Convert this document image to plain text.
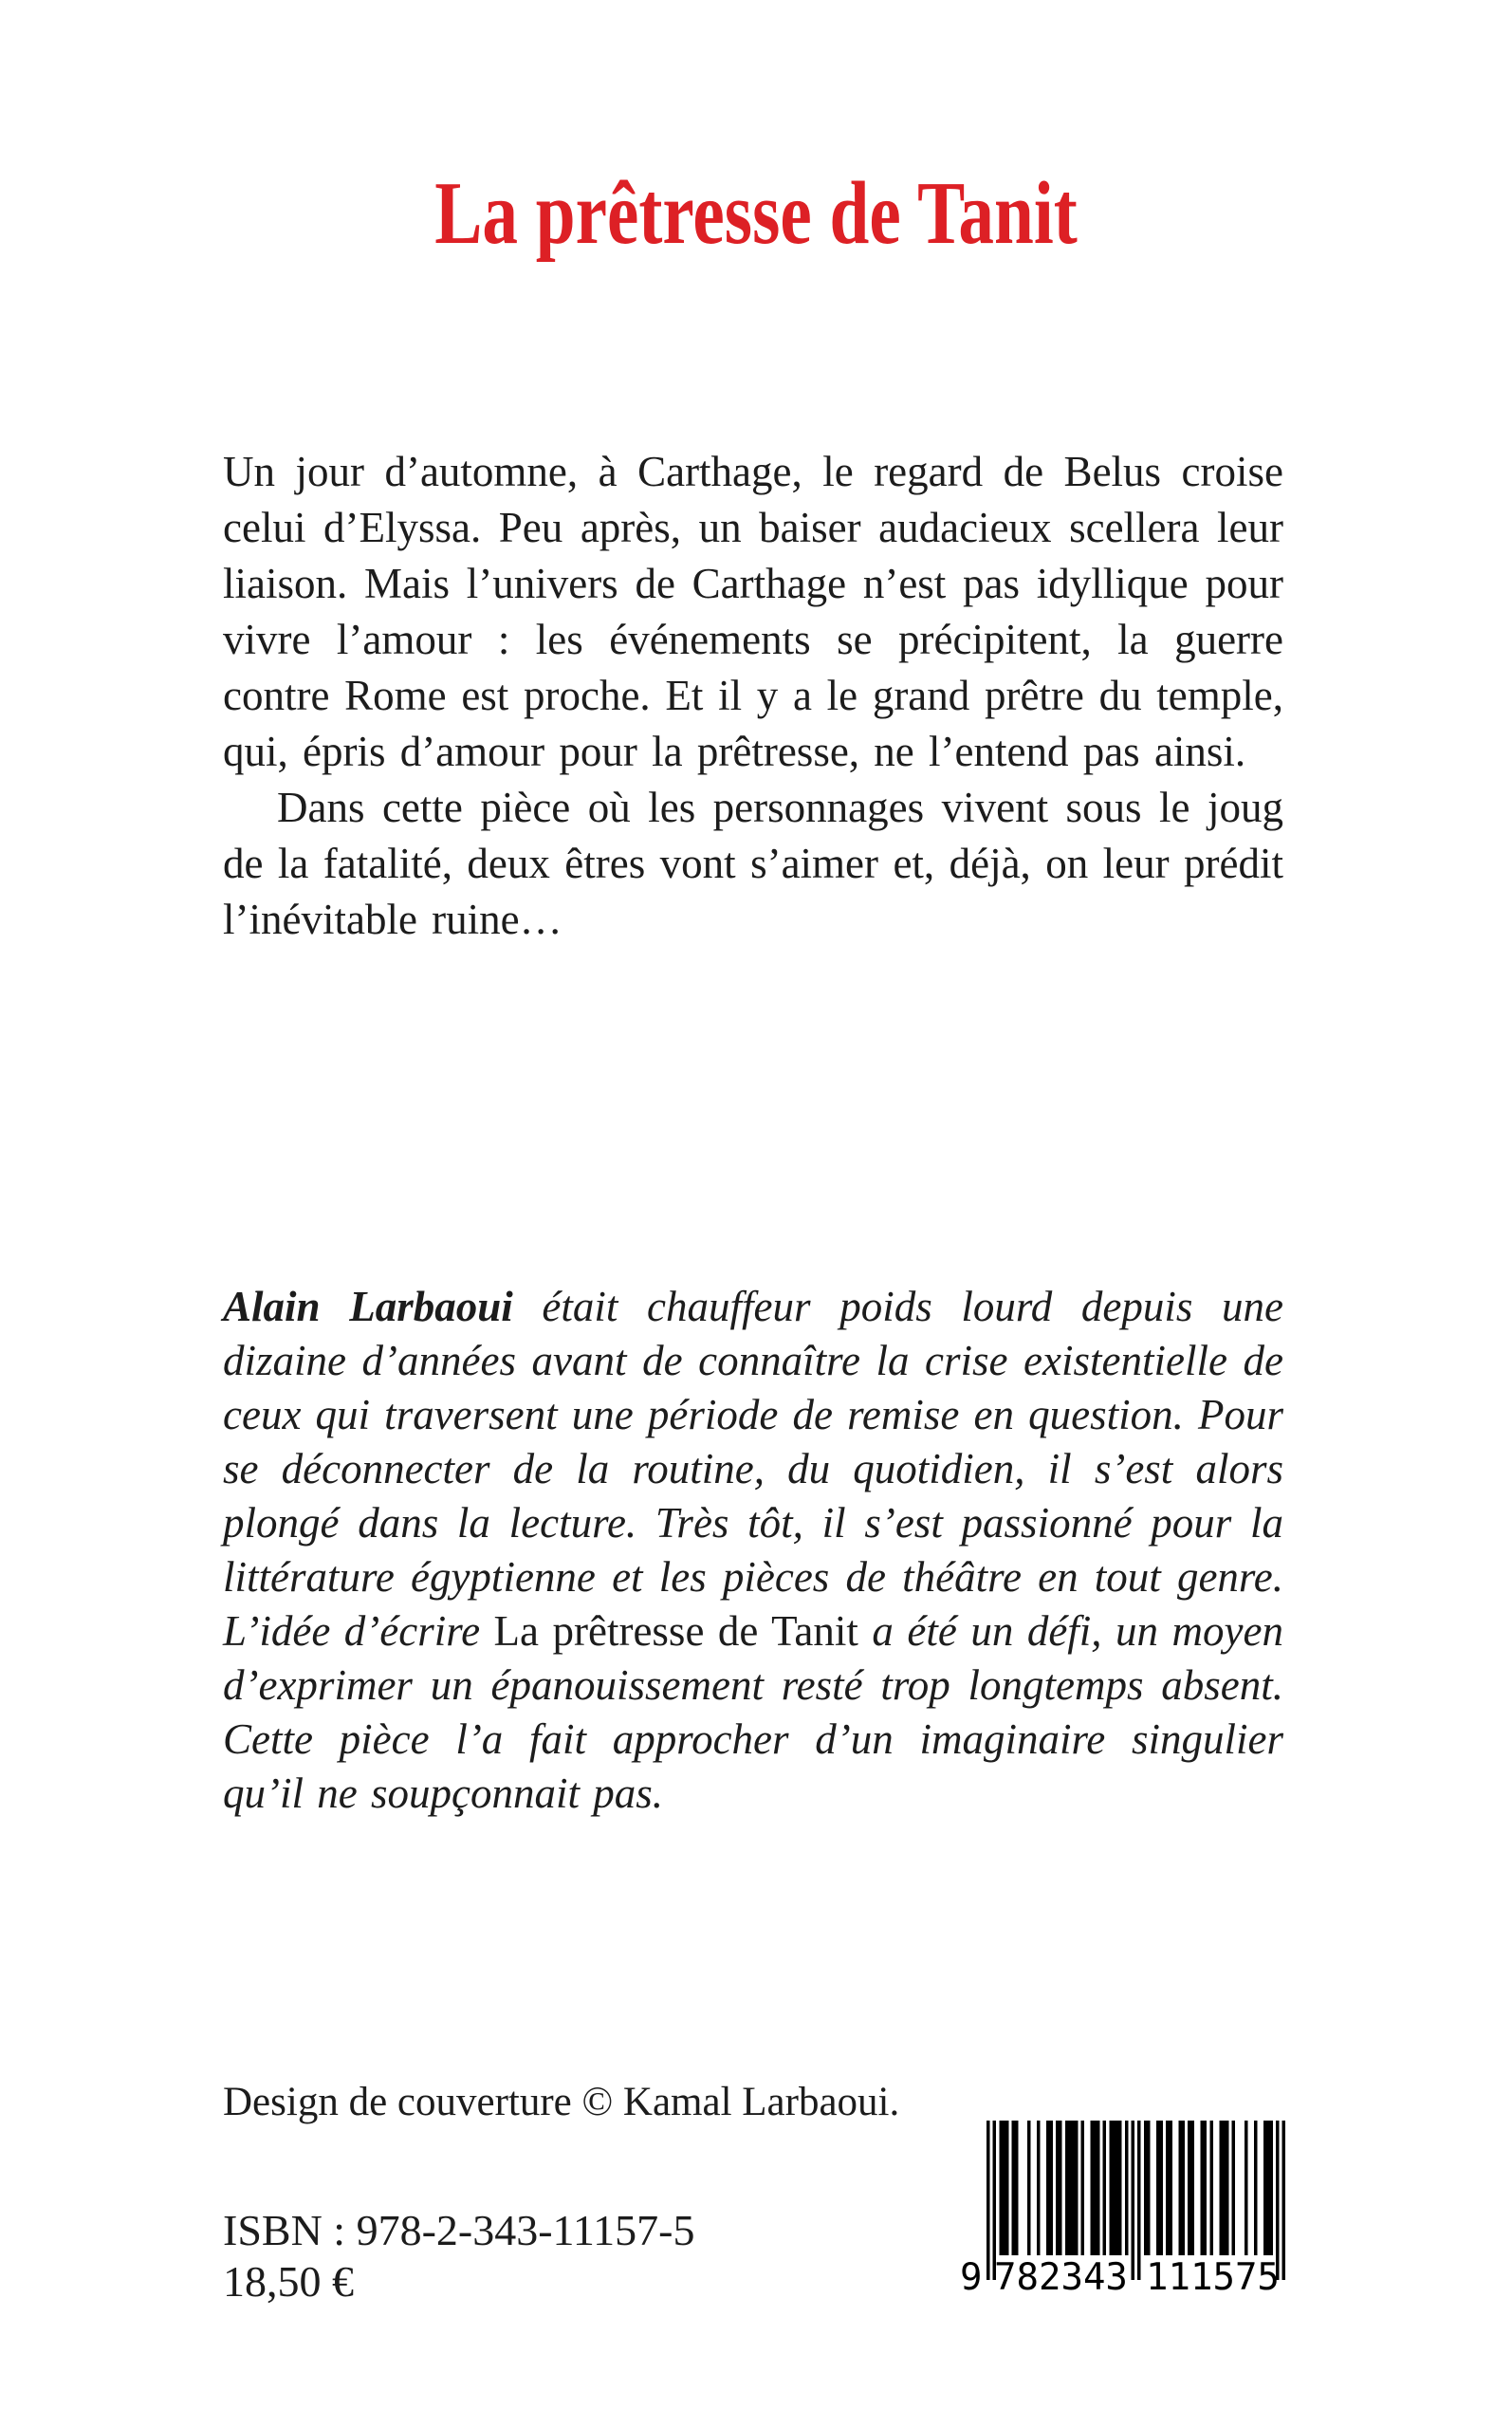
La prêtresse de Tanit

Un jour d’automne, à Carthage, le regard de Belus croise celui d’Elyssa. Peu après, un baiser audacieux scellera leur liaison. Mais l’univers de Carthage n’est pas idyllique pour vivre l’amour : les événements se précipitent, la guerre contre Rome est proche. Et il y a le grand prêtre du temple, qui, épris d’amour pour la prêtresse, ne l’entend pas ainsi.

Dans cette pièce où les personnages vivent sous le joug de la fatalité, deux êtres vont s’aimer et, déjà, on leur prédit l’inévitable ruine…

Alain Larbaoui était chauffeur poids lourd depuis une dizaine d’années avant de connaître la crise existentielle de ceux qui traversent une période de remise en question. Pour se déconnecter de la routine, du quotidien, il s’est alors plongé dans la lecture. Très tôt, il s’est passionné pour la littérature égyptienne et les pièces de théâtre en tout genre. L’idée d’écrire La prêtresse de Tanit a été un défi, un moyen d’exprimer un épanouissement resté trop longtemps absent. Cette pièce l’a fait approcher d’un imaginaire singulier qu’il ne soupçonnait pas.

Design de couverture © Kamal Larbaoui.
ISBN : 978-2-343-11157-5
18,50 €	9 7 8 2 3 4 3 1 1 1 5 7 5
